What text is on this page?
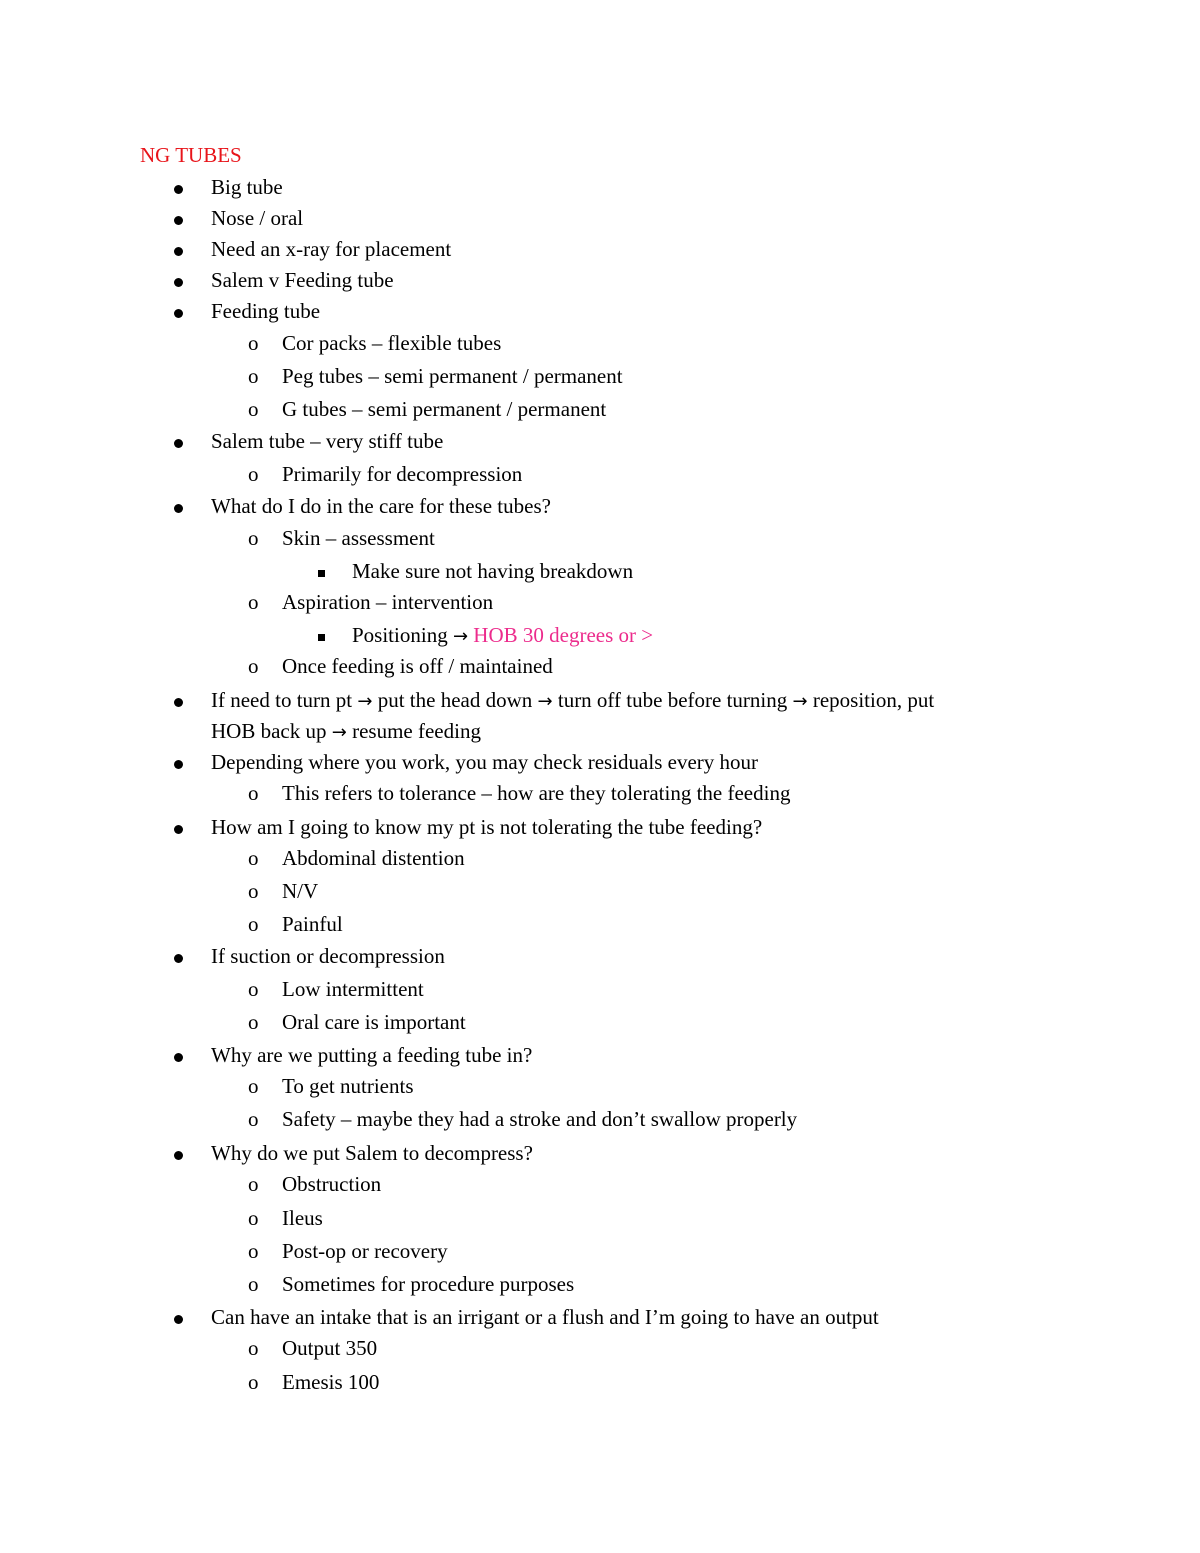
NG TUBES
Big tube
Nose / oral
Need an x-ray for placement
Salem v Feeding tube
Feeding tube
o Cor packs – flexible tubes
o Peg tubes – semi permanent / permanent
o G tubes – semi permanent / permanent
Salem tube – very stiff tube
o Primarily for decompression
What do I do in the care for these tubes?
o Skin – assessment
Make sure not having breakdown
o Aspiration – intervention
Positioning → HOB 30 degrees or >
o Once feeding is off / maintained
If need to turn pt → put the head down → turn off tube before turning → reposition, put
HOB back up → resume feeding
Depending where you work, you may check residuals every hour
o This refers to tolerance – how are they tolerating the feeding
How am I going to know my pt is not tolerating the tube feeding?
o Abdominal distention
o N/V
o Painful
If suction or decompression
o Low intermittent
o Oral care is important
Why are we putting a feeding tube in?
o To get nutrients
o Safety – maybe they had a stroke and don’t swallow properly
Why do we put Salem to decompress?
o Obstruction
o Ileus
o Post-op or recovery
o Sometimes for procedure purposes
Can have an intake that is an irrigant or a flush and I’m going to have an output
o Output 350
o Emesis 100
